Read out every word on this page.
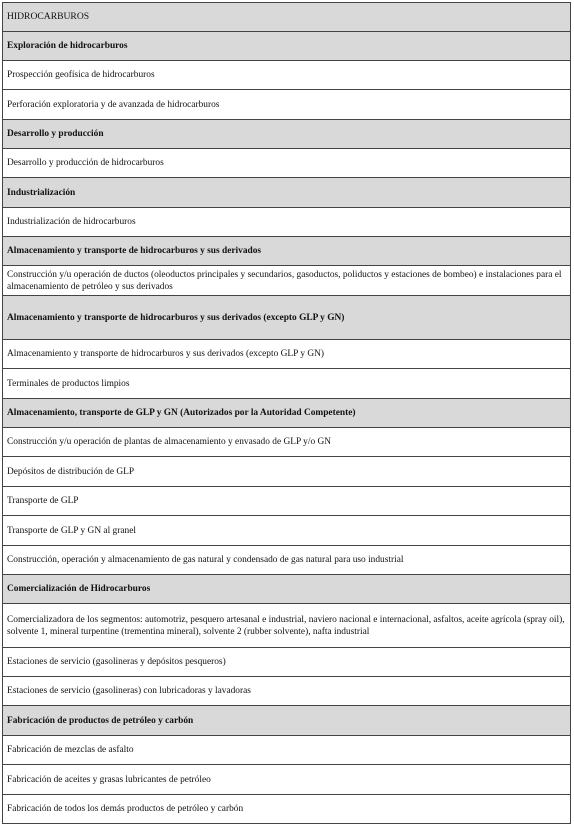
HIDROCARBUROS
Exploración de hidrocarburos
Prospección geofísica de hidrocarburos
Perforación exploratoria y de avanzada de hidrocarburos
Desarrollo y producción
Desarrollo y producción de hidrocarburos
Industrialización
Industrialización de hidrocarburos
Almacenamiento y transporte de hidrocarburos y sus derivados
Construcción y/u operación de ductos (oleoductos principales y secundarios, gasoductos, poliductos y estaciones de bombeo) e instalaciones para el almacenamiento de petróleo y sus derivados
Almacenamiento y transporte de hidrocarburos y sus derivados (excepto GLP y GN)
Almacenamiento y transporte de hidrocarburos y sus derivados (excepto GLP y GN)
Terminales de productos limpios
Almacenamiento, transporte de GLP y GN (Autorizados por la Autoridad Competente)
Construcción y/u operación de plantas de almacenamiento y envasado de GLP y/o GN
Depósitos de distribución de GLP
Transporte de GLP
Transporte de GLP y GN al granel
Construcción, operación y almacenamiento de gas natural y condensado de gas natural para uso industrial
Comercialización de Hidrocarburos
Comercializadora de los segmentos: automotriz, pesquero artesanal e industrial, naviero nacional e internacional, asfaltos, aceite agrícola (spray oil), solvente 1, mineral turpentine (trementina mineral), solvente 2 (rubber solvente), nafta industrial
Estaciones de servicio (gasolineras y depósitos pesqueros)
Estaciones de servicio (gasolineras) con lubricadoras y lavadoras
Fabricación de productos de petróleo y carbón
Fabricación de mezclas de asfalto
Fabricación de aceites y grasas lubricantes de petróleo
Fabricación de todos los demás productos de petróleo y carbón
